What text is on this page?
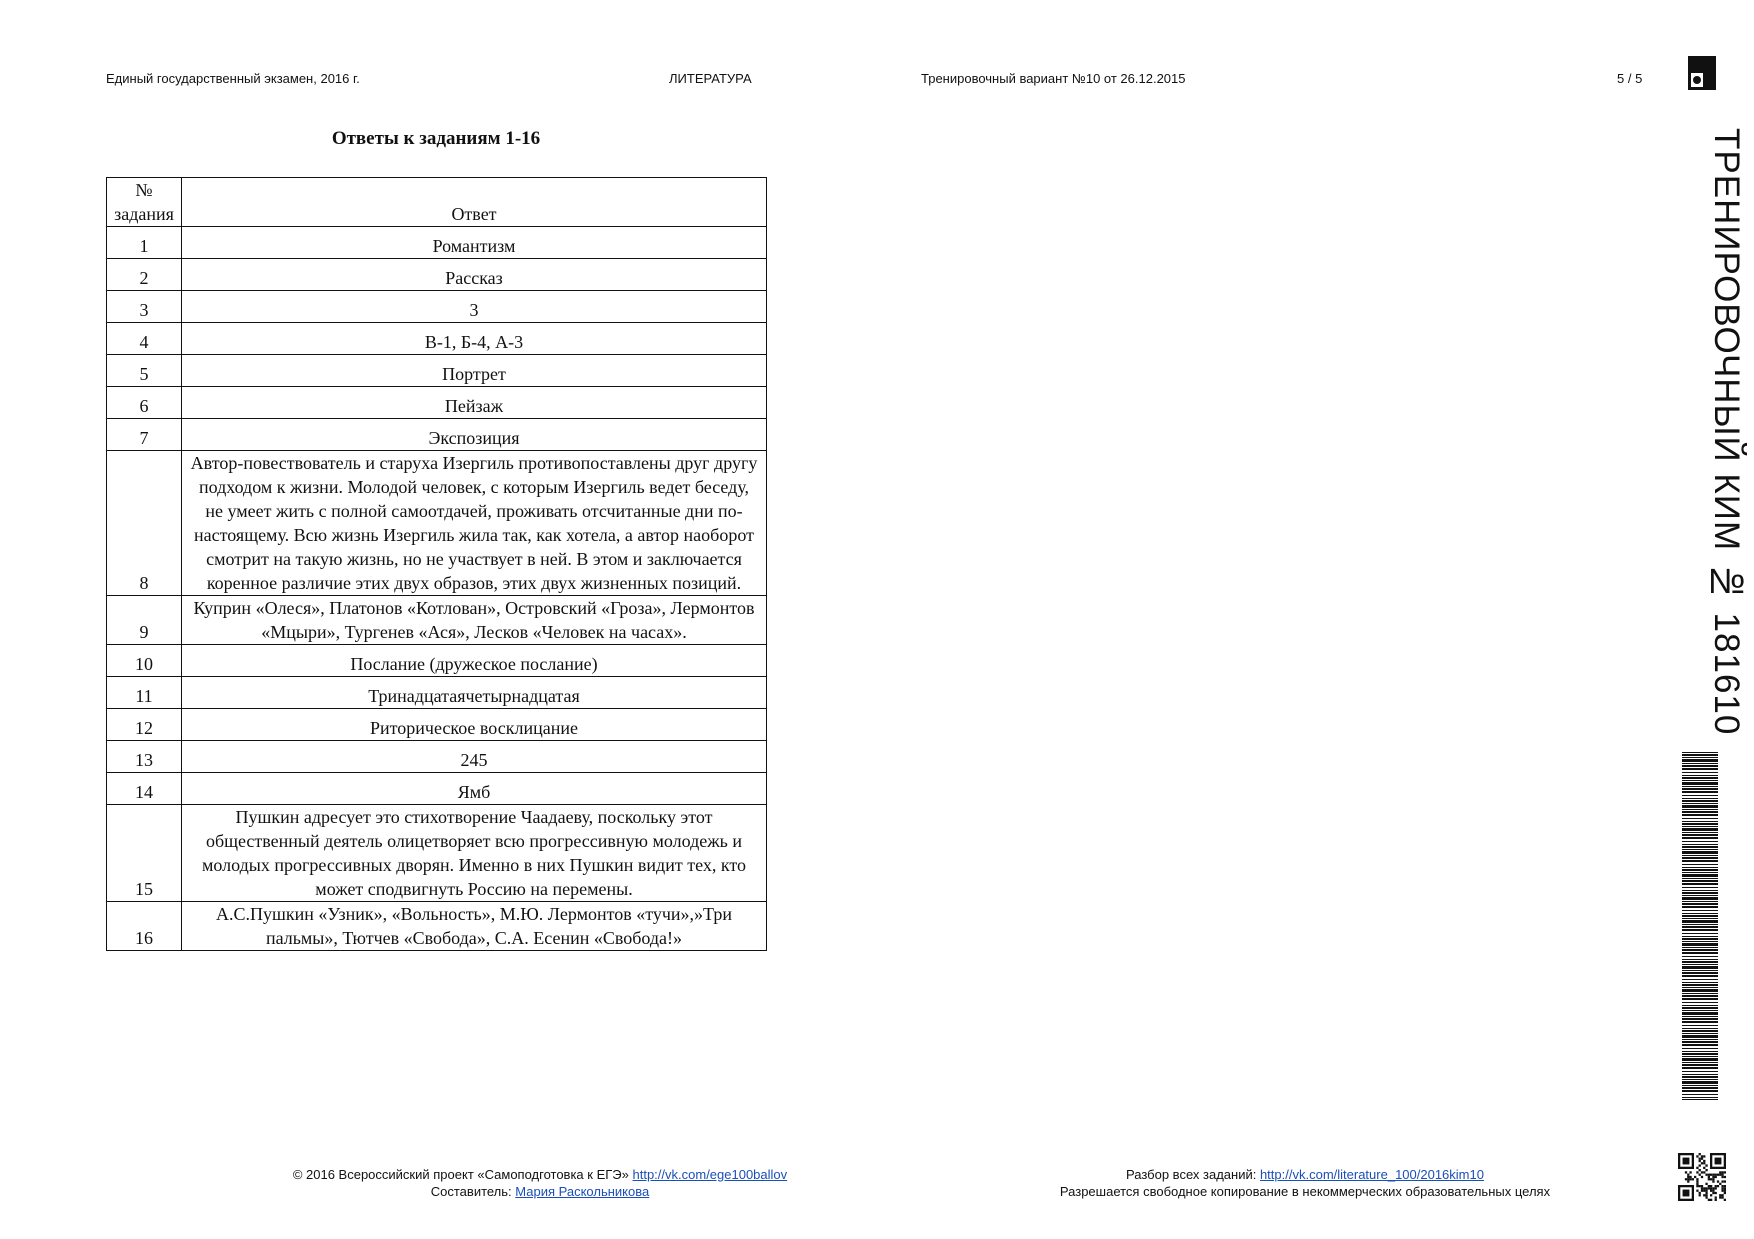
Единый государственный экзамен, 2016 г.	ЛИТЕРАТУРА	Тренировочный вариант №10 от 26.12.2015	5 / 5
Ответы к заданиям 1-16
№ задания	Ответ
1	Романтизм
2	Рассказ
3	3
4	В-1, Б-4, А-3
5	Портрет
6	Пейзаж
7	Экспозиция
8	Автор-повествователь и старуха Изергиль противопоставлены друг другу подходом к жизни. Молодой человек, с которым Изергиль ведет беседу, не умеет жить с полной самоотдачей, проживать отсчитанные дни по-настоящему. Всю жизнь Изергиль жила так, как хотела, а автор наоборот смотрит на такую жизнь, но не участвует в ней. В этом и заключается коренное различие этих двух образов, этих двух жизненных позиций.
9	Куприн «Олеся», Платонов «Котлован», Островский «Гроза», Лермонтов «Мцыри», Тургенев «Ася», Лесков «Человек на часах».
10	Послание (дружеское послание)
11	Тринадцатаячетырнадцатая
12	Риторическое восклицание
13	245
14	Ямб
15	Пушкин адресует это стихотворение Чаадаеву, поскольку этот общественный деятель олицетворяет всю прогрессивную молодежь и молодых прогрессивных дворян. Именно в них Пушкин видит тех, кто может сподвигнуть Россию на перемены.
16	А.С.Пушкин «Узник», «Вольность», М.Ю. Лермонтов «тучи»,»Три пальмы», Тютчев «Свобода», С.А. Есенин «Свобода!»
ТРЕНИРОВОЧНЫЙ КИМ № 181610
© 2016 Всероссийский проект «Самоподготовка к ЕГЭ» http://vk.com/ege100ballov
Составитель: Мария Раскольникова
Разбор всех заданий: http://vk.com/literature_100/2016kim10
Разрешается свободное копирование в некоммерческих образовательных целях
